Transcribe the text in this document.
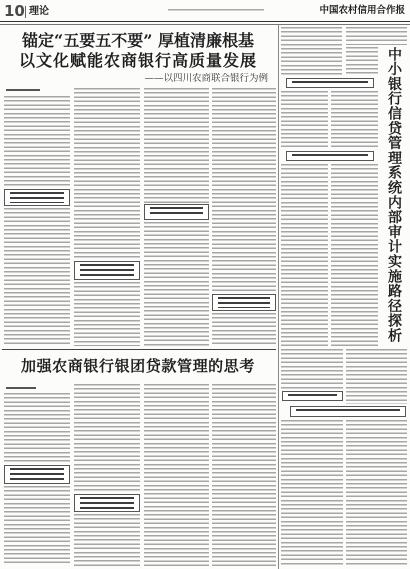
10 理论	中国农村信用合作报
锚定“五要五不要” 厚植清廉根基
以文化赋能农商银行高质量发展
——以四川农商联合银行为例
加强农商银行银团贷款管理的思考
中小银行信贷管理系统内部审计实施路径探析
